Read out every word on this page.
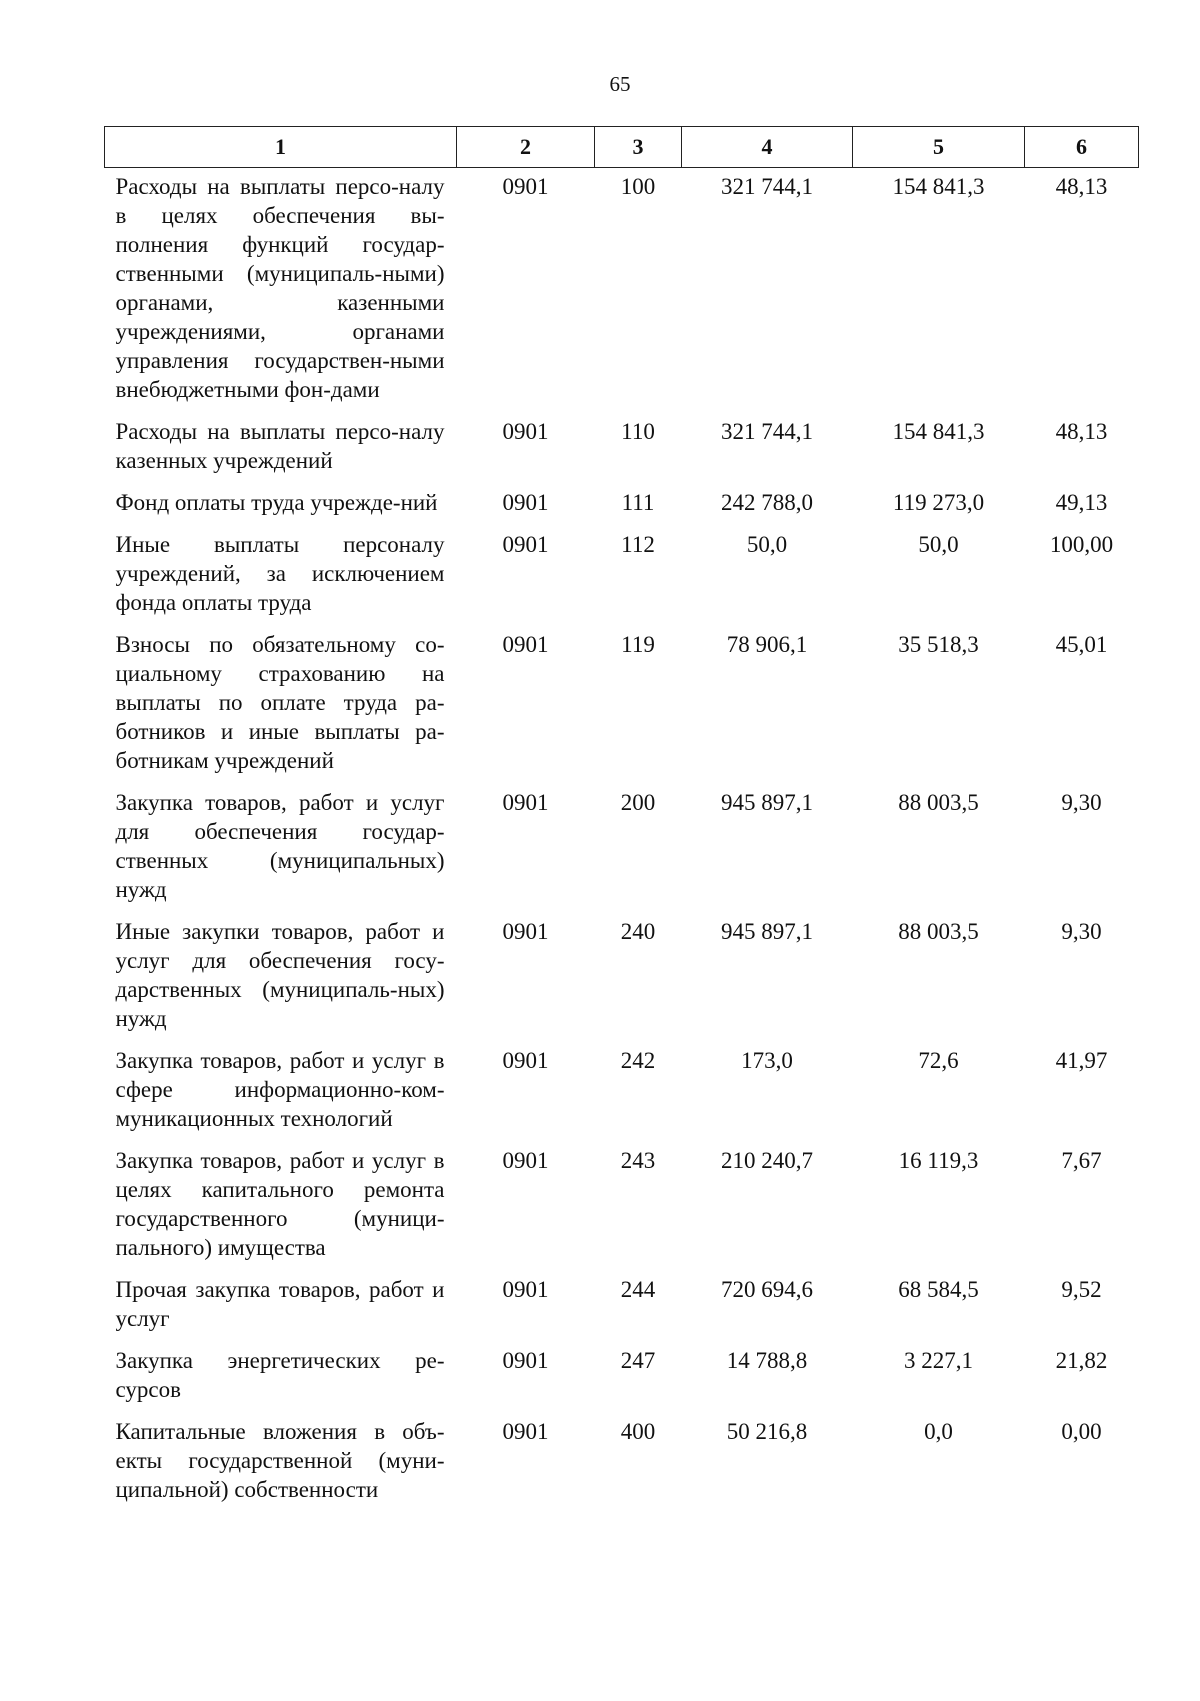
65
1	2	3	4	5	6
Расходы на выплаты персо-налу в целях обеспечения вы-полнения функций государ-ственными (муниципаль-ными) органами, казенными учреждениями, органами управления государствен-ными внебюджетными фон-дами	0901	100	321 744,1	154 841,3	48,13
Расходы на выплаты персо-налу казенных учреждений	0901	110	321 744,1	154 841,3	48,13
Фонд оплаты труда учрежде-ний	0901	111	242 788,0	119 273,0	49,13
Иные выплаты персоналу учреждений, за исключением фонда оплаты труда	0901	112	50,0	50,0	100,00
Взносы по обязательному со-циальному страхованию на выплаты по оплате труда ра-ботников и иные выплаты ра-ботникам учреждений	0901	119	78 906,1	35 518,3	45,01
Закупка товаров, работ и услуг для обеспечения государ-ственных (муниципальных) нужд	0901	200	945 897,1	88 003,5	9,30
Иные закупки товаров, работ и услуг для обеспечения госу-дарственных (муниципаль-ных) нужд	0901	240	945 897,1	88 003,5	9,30
Закупка товаров, работ и услуг в сфере информационно-ком-муникационных технологий	0901	242	173,0	72,6	41,97
Закупка товаров, работ и услуг в целях капитального ремонта государственного (муници-пального) имущества	0901	243	210 240,7	16 119,3	7,67
Прочая закупка товаров, работ и услуг	0901	244	720 694,6	68 584,5	9,52
Закупка энергетических ре-сурсов	0901	247	14 788,8	3 227,1	21,82
Капитальные вложения в объ-екты государственной (муни-ципальной) собственности	0901	400	50 216,8	0,0	0,00
